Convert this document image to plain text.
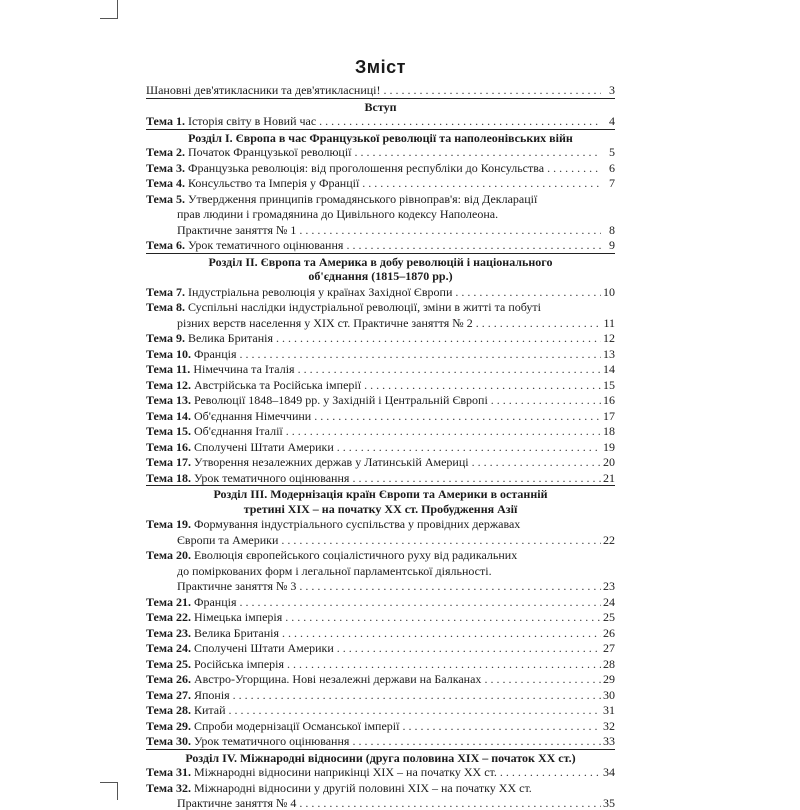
Зміст
Шановні дев'ятикласники та дев'ятикласниці! . . .	3
Вступ
Тема 1. Історія світу в Новий час . . .	4
Розділ І. Європа в час Французької революції та наполеонівських війн
Тема 2. Початок Французької революції . . .	5
Тема 3. Французька революція: від проголошення республіки до Консульства . . .	6
Тема 4. Консульство та Імперія у Франції . . .	7
Тема 5. Утвердження принципів громадянського рівноправ'я: від Декларації
прав людини і громадянина до Цивільного кодексу Наполеона.
Практичне заняття № 1 . . .	8
Тема 6. Урок тематичного оцінювання . . .	9
Розділ ІІ. Європа та Америка в добу революцій і національного
об'єднання (1815–1870 рр.)
Тема 7. Індустріальна революція у країнах Західної Європи . . .	10
Тема 8. Суспільні наслідки індустріальної революції, зміни в житті та побуті
різних верств населення у ХІХ ст. Практичне заняття № 2 . . .	11
Тема 9. Велика Британія . . .	12
Тема 10. Франція . . .	13
Тема 11. Німеччина та Італія . . .	14
Тема 12. Австрійська та Російська імперії . . .	15
Тема 13. Революції 1848–1849 рр. у Західній і Центральній Європі . . .	16
Тема 14. Об'єднання Німеччини . . .	17
Тема 15. Об'єднання Італії . . .	18
Тема 16. Сполучені Штати Америки . . .	19
Тема 17. Утворення незалежних держав у Латинській Америці . . .	20
Тема 18. Урок тематичного оцінювання . . .	21
Розділ ІІІ. Модернізація країн Європи та Америки в останній
третині ХІХ – на початку ХХ ст. Пробудження Азії
Тема 19. Формування індустріального суспільства у провідних державах
Європи та Америки . . .	22
Тема 20. Еволюція європейського соціалістичного руху від радикальних
до поміркованих форм і легальної парламентської діяльності.
Практичне заняття № 3 . . .	23
Тема 21. Франція . . .	24
Тема 22. Німецька імперія . . .	25
Тема 23. Велика Британія . . .	26
Тема 24. Сполучені Штати Америки . . .	27
Тема 25. Російська імперія . . .	28
Тема 26. Австро-Угорщина. Нові незалежні держави на Балканах . . .	29
Тема 27. Японія . . .	30
Тема 28. Китай . . .	31
Тема 29. Спроби модернізації Османської імперії . . .	32
Тема 30. Урок тематичного оцінювання . . .	33
Розділ IV. Міжнародні відносини (друга половина ХІХ – початок ХХ ст.)
Тема 31. Міжнародні відносини наприкінці ХІХ – на початку ХХ ст. . . .	34
Тема 32. Міжнародні відносини у другій половині ХІХ – на початку ХХ ст.
Практичне заняття № 4 . . .	35
